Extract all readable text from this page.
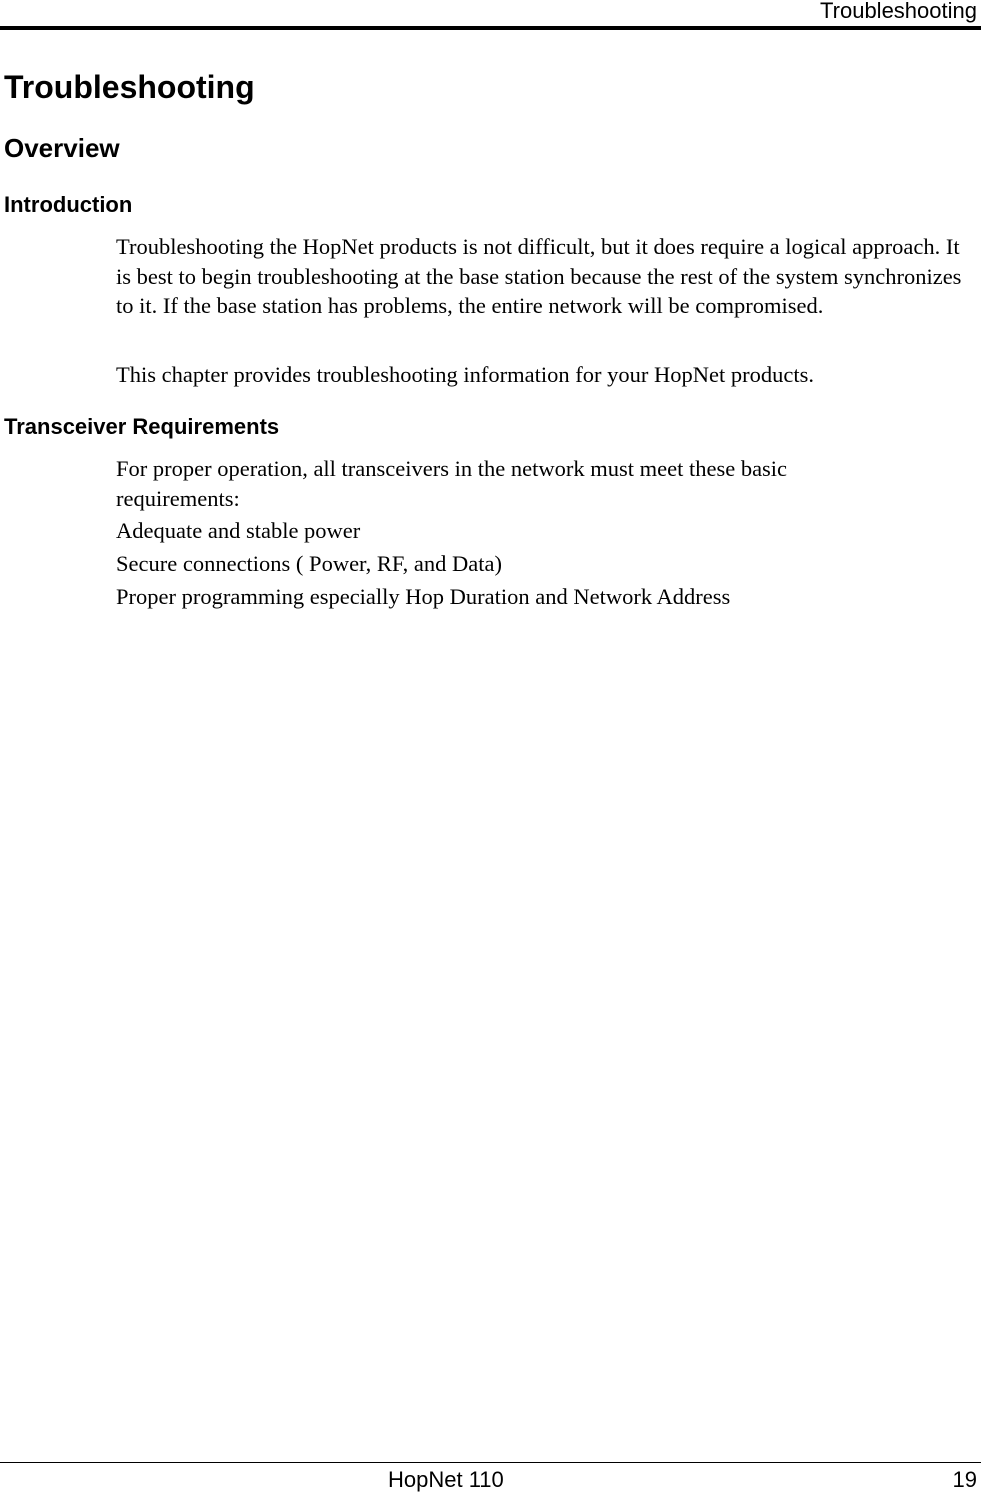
Troubleshooting
Troubleshooting
Overview
Introduction

Troubleshooting the HopNet products is not difficult, but it does require a logical approach. It is best to begin troubleshooting at the base station because the rest of the system synchronizes to it. If the base station has problems, the entire network will be compromised.

This chapter provides troubleshooting information for your HopNet products.

Transceiver Requirements

For proper operation, all transceivers in the network must meet these basic requirements:

Adequate and stable power

Secure connections ( Power, RF, and Data)

Proper programming especially Hop Duration and Network Address

HopNet 110	19
